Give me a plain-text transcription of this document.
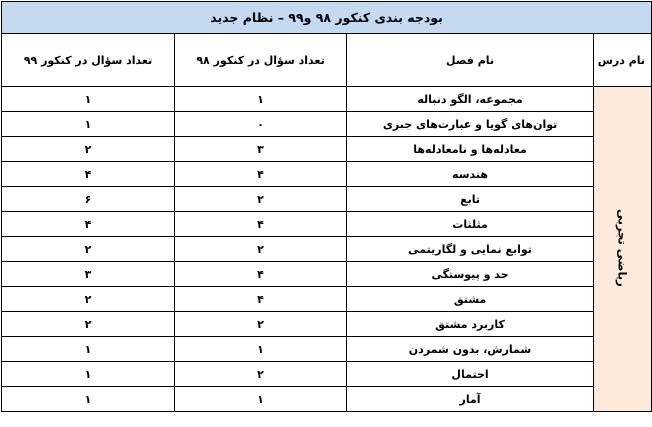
بودجه بندی کنکور ۹۸ و۹۹ – نظام جدید			
نام درس	نام فصل	تعداد سؤال در کنکور ۹۸	تعداد سؤال در کنکور ۹۹
ریاضی تجربی	مجموعه، الگو دنباله	۱	۱
	توان‌های گویا و عبارت‌های جبری	۰	۱
	معادله‌ها و نامعادله‌ها	۳	۲
	هندسه	۴	۴
	تابع	۲	۶
	مثلثات	۴	۴
	توابع نمایی و لگاریتمی	۲	۲
	حد و پیوستگی	۴	۳
	مشتق	۴	۲
	کاربرد مشتق	۲	۲
	شمارش، بدون شمردن	۱	۱
	احتمال	۲	۱
	آمار	۱	۱
